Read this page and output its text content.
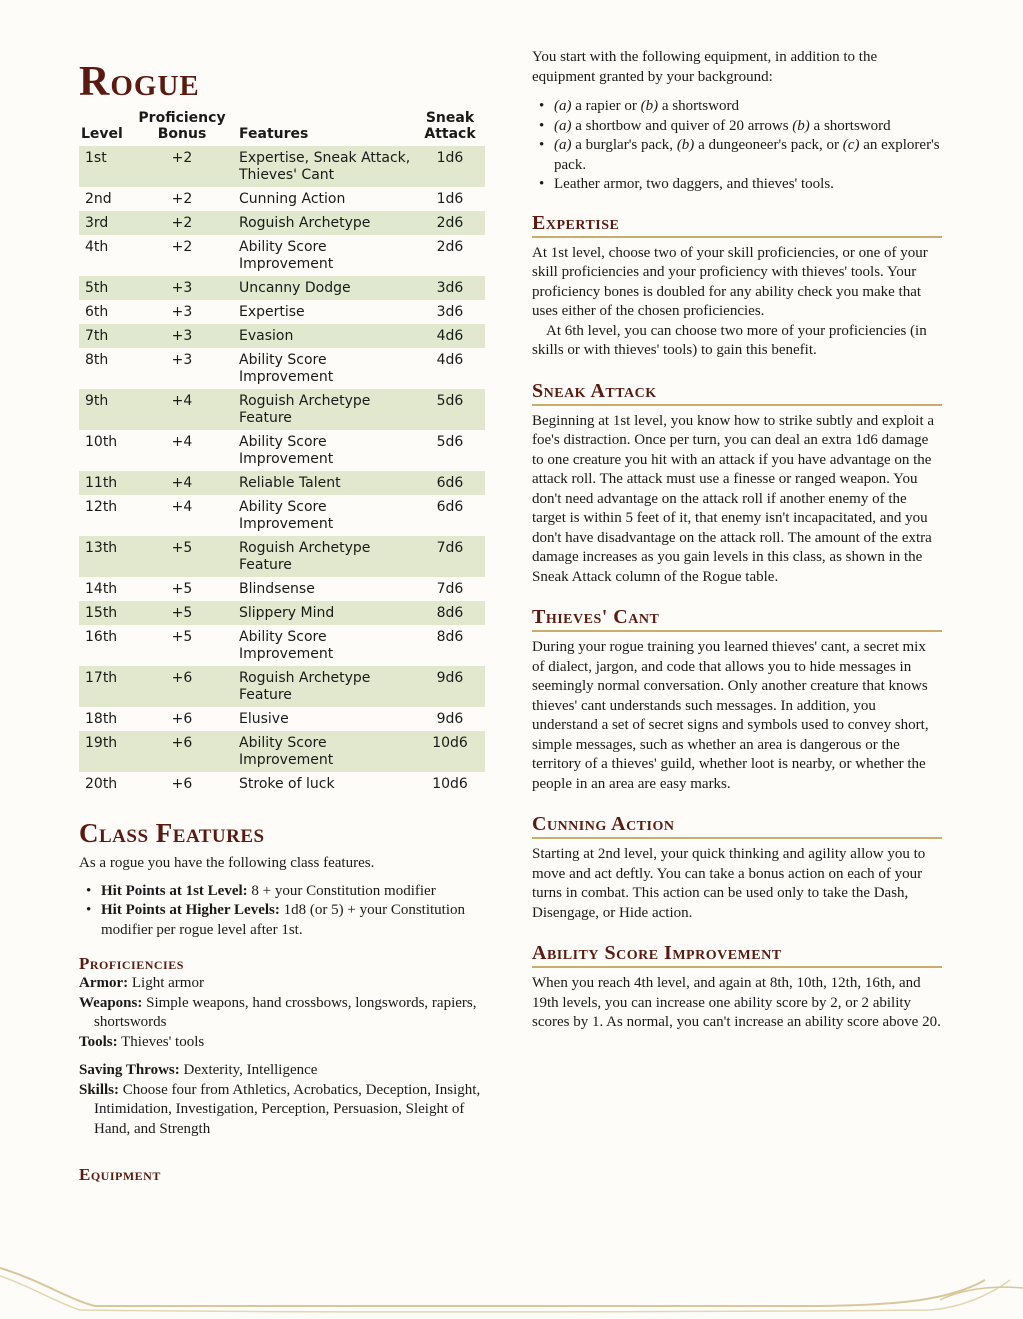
Rogue
Level	Proficiency Bonus	Features	Sneak Attack
1st	+2	Expertise, Sneak Attack, Thieves' Cant	1d6
2nd	+2	Cunning Action	1d6
3rd	+2	Roguish Archetype	2d6
4th	+2	Ability Score Improvement	2d6
5th	+3	Uncanny Dodge	3d6
6th	+3	Expertise	3d6
7th	+3	Evasion	4d6
8th	+3	Ability Score Improvement	4d6
9th	+4	Roguish Archetype Feature	5d6
10th	+4	Ability Score Improvement	5d6
11th	+4	Reliable Talent	6d6
12th	+4	Ability Score Improvement	6d6
13th	+5	Roguish Archetype Feature	7d6
14th	+5	Blindsense	7d6
15th	+5	Slippery Mind	8d6
16th	+5	Ability Score Improvement	8d6
17th	+6	Roguish Archetype Feature	9d6
18th	+6	Elusive	9d6
19th	+6	Ability Score Improvement	10d6
20th	+6	Stroke of luck	10d6
Class Features

As a rogue you have the following class features.

• Hit Points at 1st Level: 8 + your Constitution modifier
• Hit Points at Higher Levels: 1d8 (or 5) + your Constitution modifier per rogue level after 1st.
Proficiencies

Armor: Light armor

Weapons: Simple weapons, hand crossbows, longswords, rapiers, shortswords

Tools: Thieves' tools

Saving Throws: Dexterity, Intelligence

Skills: Choose four from Athletics, Acrobatics, Deception, Insight, Intimidation, Investigation, Perception, Persuasion, Sleight of Hand, and Strength

Equipment

You start with the following equipment, in addition to the equipment granted by your background:

• (a) a rapier or (b) a shortsword
• (a) a shortbow and quiver of 20 arrows (b) a shortsword
• (a) a burglar's pack, (b) a dungeoneer's pack, or (c) an explorer's pack.
• Leather armor, two daggers, and thieves' tools.
Expertise

At 1st level, choose two of your skill proficiencies, or one of your skill proficiencies and your proficiency with thieves' tools. Your proficiency bones is doubled for any ability check you make that uses either of the chosen proficiencies.

At 6th level, you can choose two more of your proficiencies (in skills or with thieves' tools) to gain this benefit.

Sneak Attack

Beginning at 1st level, you know how to strike subtly and exploit a foe's distraction. Once per turn, you can deal an extra 1d6 damage to one creature you hit with an attack if you have advantage on the attack roll. The attack must use a finesse or ranged weapon. You don't need advantage on the attack roll if another enemy of the target is within 5 feet of it, that enemy isn't incapacitated, and you don't have disadvantage on the attack roll. The amount of the extra damage increases as you gain levels in this class, as shown in the Sneak Attack column of the Rogue table.

Thieves' Cant

During your rogue training you learned thieves' cant, a secret mix of dialect, jargon, and code that allows you to hide messages in seemingly normal conversation. Only another creature that knows thieves' cant understands such messages. In addition, you understand a set of secret signs and symbols used to convey short, simple messages, such as whether an area is dangerous or the territory of a thieves' guild, whether loot is nearby, or whether the people in an area are easy marks.

Cunning Action

Starting at 2nd level, your quick thinking and agility allow you to move and act deftly. You can take a bonus action on each of your turns in combat. This action can be used only to take the Dash, Disengage, or Hide action.

Ability Score Improvement

When you reach 4th level, and again at 8th, 10th, 12th, 16th, and 19th levels, you can increase one ability score by 2, or 2 ability scores by 1. As normal, you can't increase an ability score above 20.
